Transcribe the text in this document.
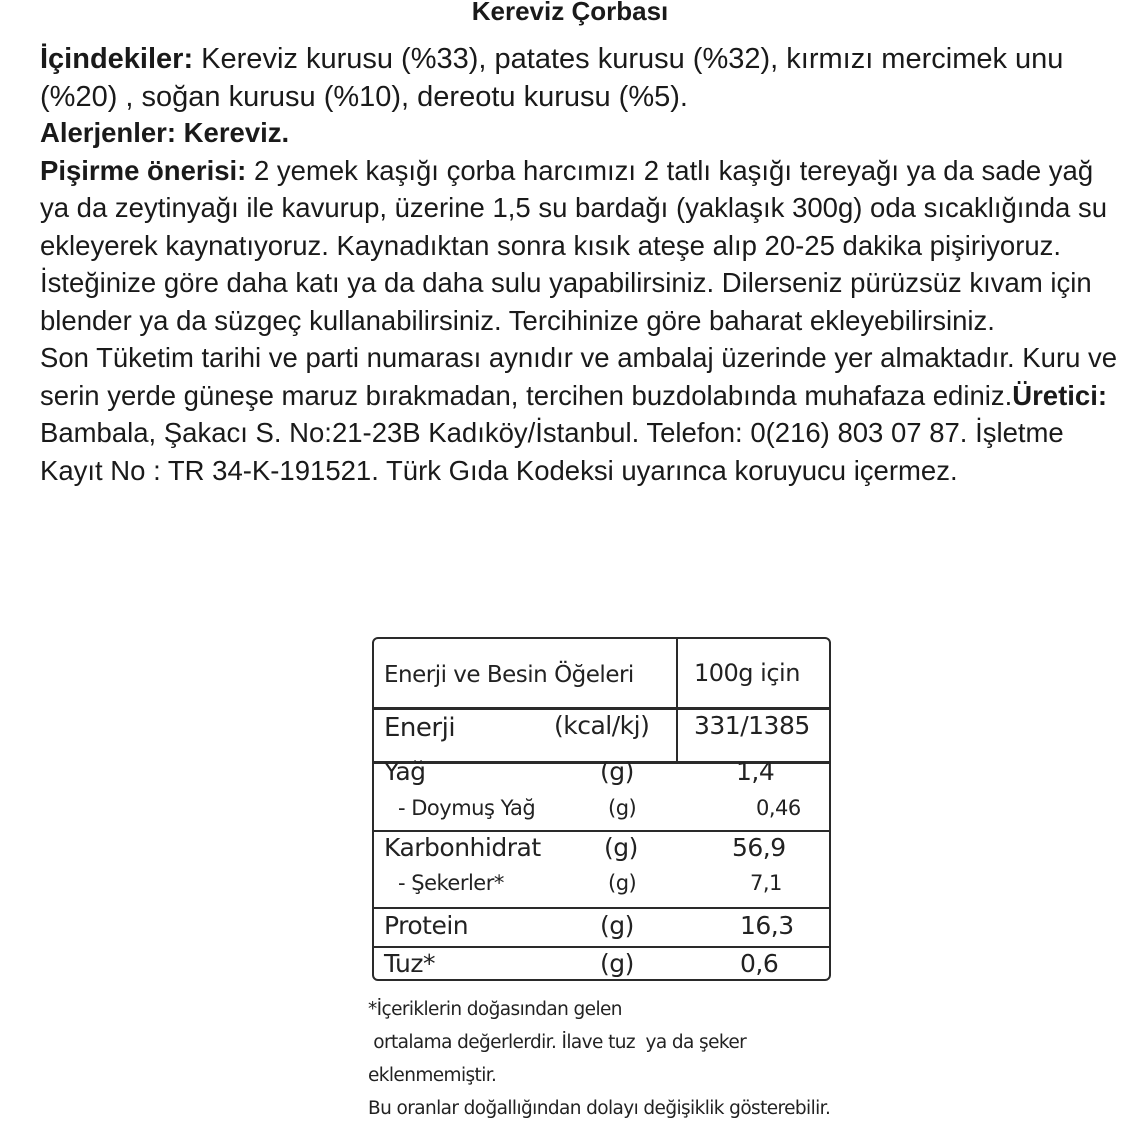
Kereviz Çorbası

İçindekiler: Kereviz kurusu (%33), patates kurusu (%32), kırmızı mercimek unu (%20) , soğan kurusu (%10), dereotu kurusu (%5).

Alerjenler: Kereviz.

Pişirme önerisi: 2 yemek kaşığı çorba harcımızı 2 tatlı kaşığı tereyağı ya da sade yağ ya da zeytinyağı ile kavurup, üzerine 1,5 su bardağı (yaklaşık 300g) oda sıcaklığında su ekleyerek kaynatıyoruz. Kaynadıktan sonra kısık ateşe alıp 20-25 dakika pişiriyoruz. İsteğinize göre daha katı ya da daha sulu yapabilirsiniz. Dilerseniz pürüzsüz kıvam için blender ya da süzgeç kullanabilirsiniz. Tercihinize göre baharat ekleyebilirsiniz.

Son Tüketim tarihi ve parti numarası aynıdır ve ambalaj üzerinde yer almaktadır. Kuru ve serin yerde güneşe maruz bırakmadan, tercihen buzdolabında muhafaza ediniz.Üretici: Bambala, Şakacı S. No:21-23B Kadıköy/İstanbul. Telefon: 0(216) 803 07 87. İşletme Kayıt No : TR 34-K-191521. Türk Gıda Kodeksi uyarınca koruyucu içermez.

Enerji ve Besin Öğeleri	100g için
Enerji	(kcal/kj) 331/1385
Yağ	(g)	1,4
- Doymuş Yağ	(g)	0,46
Karbonhidrat	(g)	56,9
- Şekerler*	(g)	7,1
Protein	(g)	16,3
Tuz*	(g)	0,6
*İçeriklerin doğasından gelen
ortalama değerlerdir. İlave tuz  ya da şeker
eklenmemiştir.
Bu oranlar doğallığından dolayı değişiklik gösterebilir.
